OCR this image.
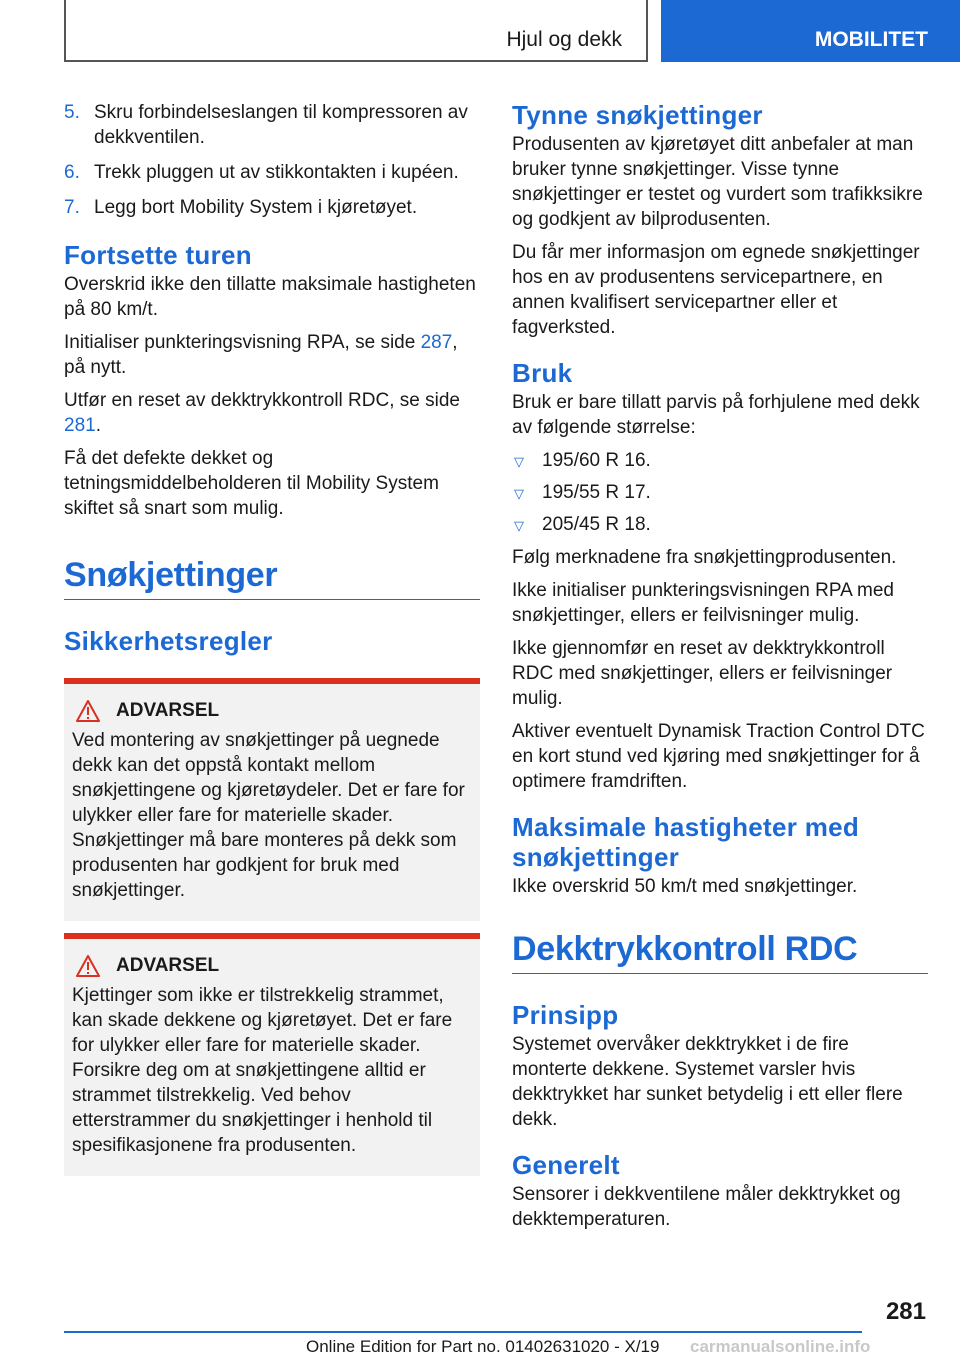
Hjul og dekk	MOBILITET
5. Skru forbindelseslangen til kompressoren av dekkventilen.
6. Trekk pluggen ut av stikkontakten i kupéen.
7. Legg bort Mobility System i kjøretøyet.
Fortsette turen

Overskrid ikke den tillatte maksimale hastigheten på 80 km/t.

Initialiser punkteringsvisning RPA, se side 287, på nytt.

Utfør en reset av dekktrykkontroll RDC, se side 281.

Få det defekte dekket og tetningsmiddelbeholderen til Mobility System skiftet så snart som mulig.

Snøkjettinger
Sikkerhetsregler
ADVARSEL

Ved montering av snøkjettinger på uegnede dekk kan det oppstå kontakt mellom snøkjettingene og kjøretøydeler. Det er fare for ulykker eller fare for materielle skader. Snøkjettinger må bare monteres på dekk som produsenten har godkjent for bruk med snøkjettinger.

ADVARSEL

Kjettinger som ikke er tilstrekkelig strammet, kan skade dekkene og kjøretøyet. Det er fare for ulykker eller fare for materielle skader. Forsikre deg om at snøkjettingene alltid er strammet tilstrekkelig. Ved behov etterstrammer du snøkjettinger i henhold til spesifikasjonene fra produsenten.

Tynne snøkjettinger

Produsenten av kjøretøyet ditt anbefaler at man bruker tynne snøkjettinger. Visse tynne snøkjettinger er testet og vurdert som trafikksikre og godkjent av bilprodusenten.

Du får mer informasjon om egnede snøkjettinger hos en av produsentens servicepartnere, en annen kvalifisert servicepartner eller et fagverksted.

Bruk

Bruk er bare tillatt parvis på forhjulene med dekk av følgende størrelse:

▽ 195/60 R 16.
▽ 195/55 R 17.
▽ 205/45 R 18.

Følg merknadene fra snøkjettingprodusenten.

Ikke initialiser punkteringsvisningen RPA med snøkjettinger, ellers er feilvisninger mulig.

Ikke gjennomfør en reset av dekktrykkontroll RDC med snøkjettinger, ellers er feilvisninger mulig.

Aktiver eventuelt Dynamisk Traction Control DTC en kort stund ved kjøring med snøkjettinger for å optimere framdriften.

Maksimale hastigheter med snøkjettinger

Ikke overskrid 50 km/t med snøkjettinger.

Dekktrykkontroll RDC
Prinsipp

Systemet overvåker dekktrykket i de fire monterte dekkene. Systemet varsler hvis dekktrykket har sunket betydelig i ett eller flere dekk.

Generelt

Sensorer i dekkventilene måler dekktrykket og dekktemperaturen.

281
Online Edition for Part no. 01402631020 - X/19 carmanualsonline.info
